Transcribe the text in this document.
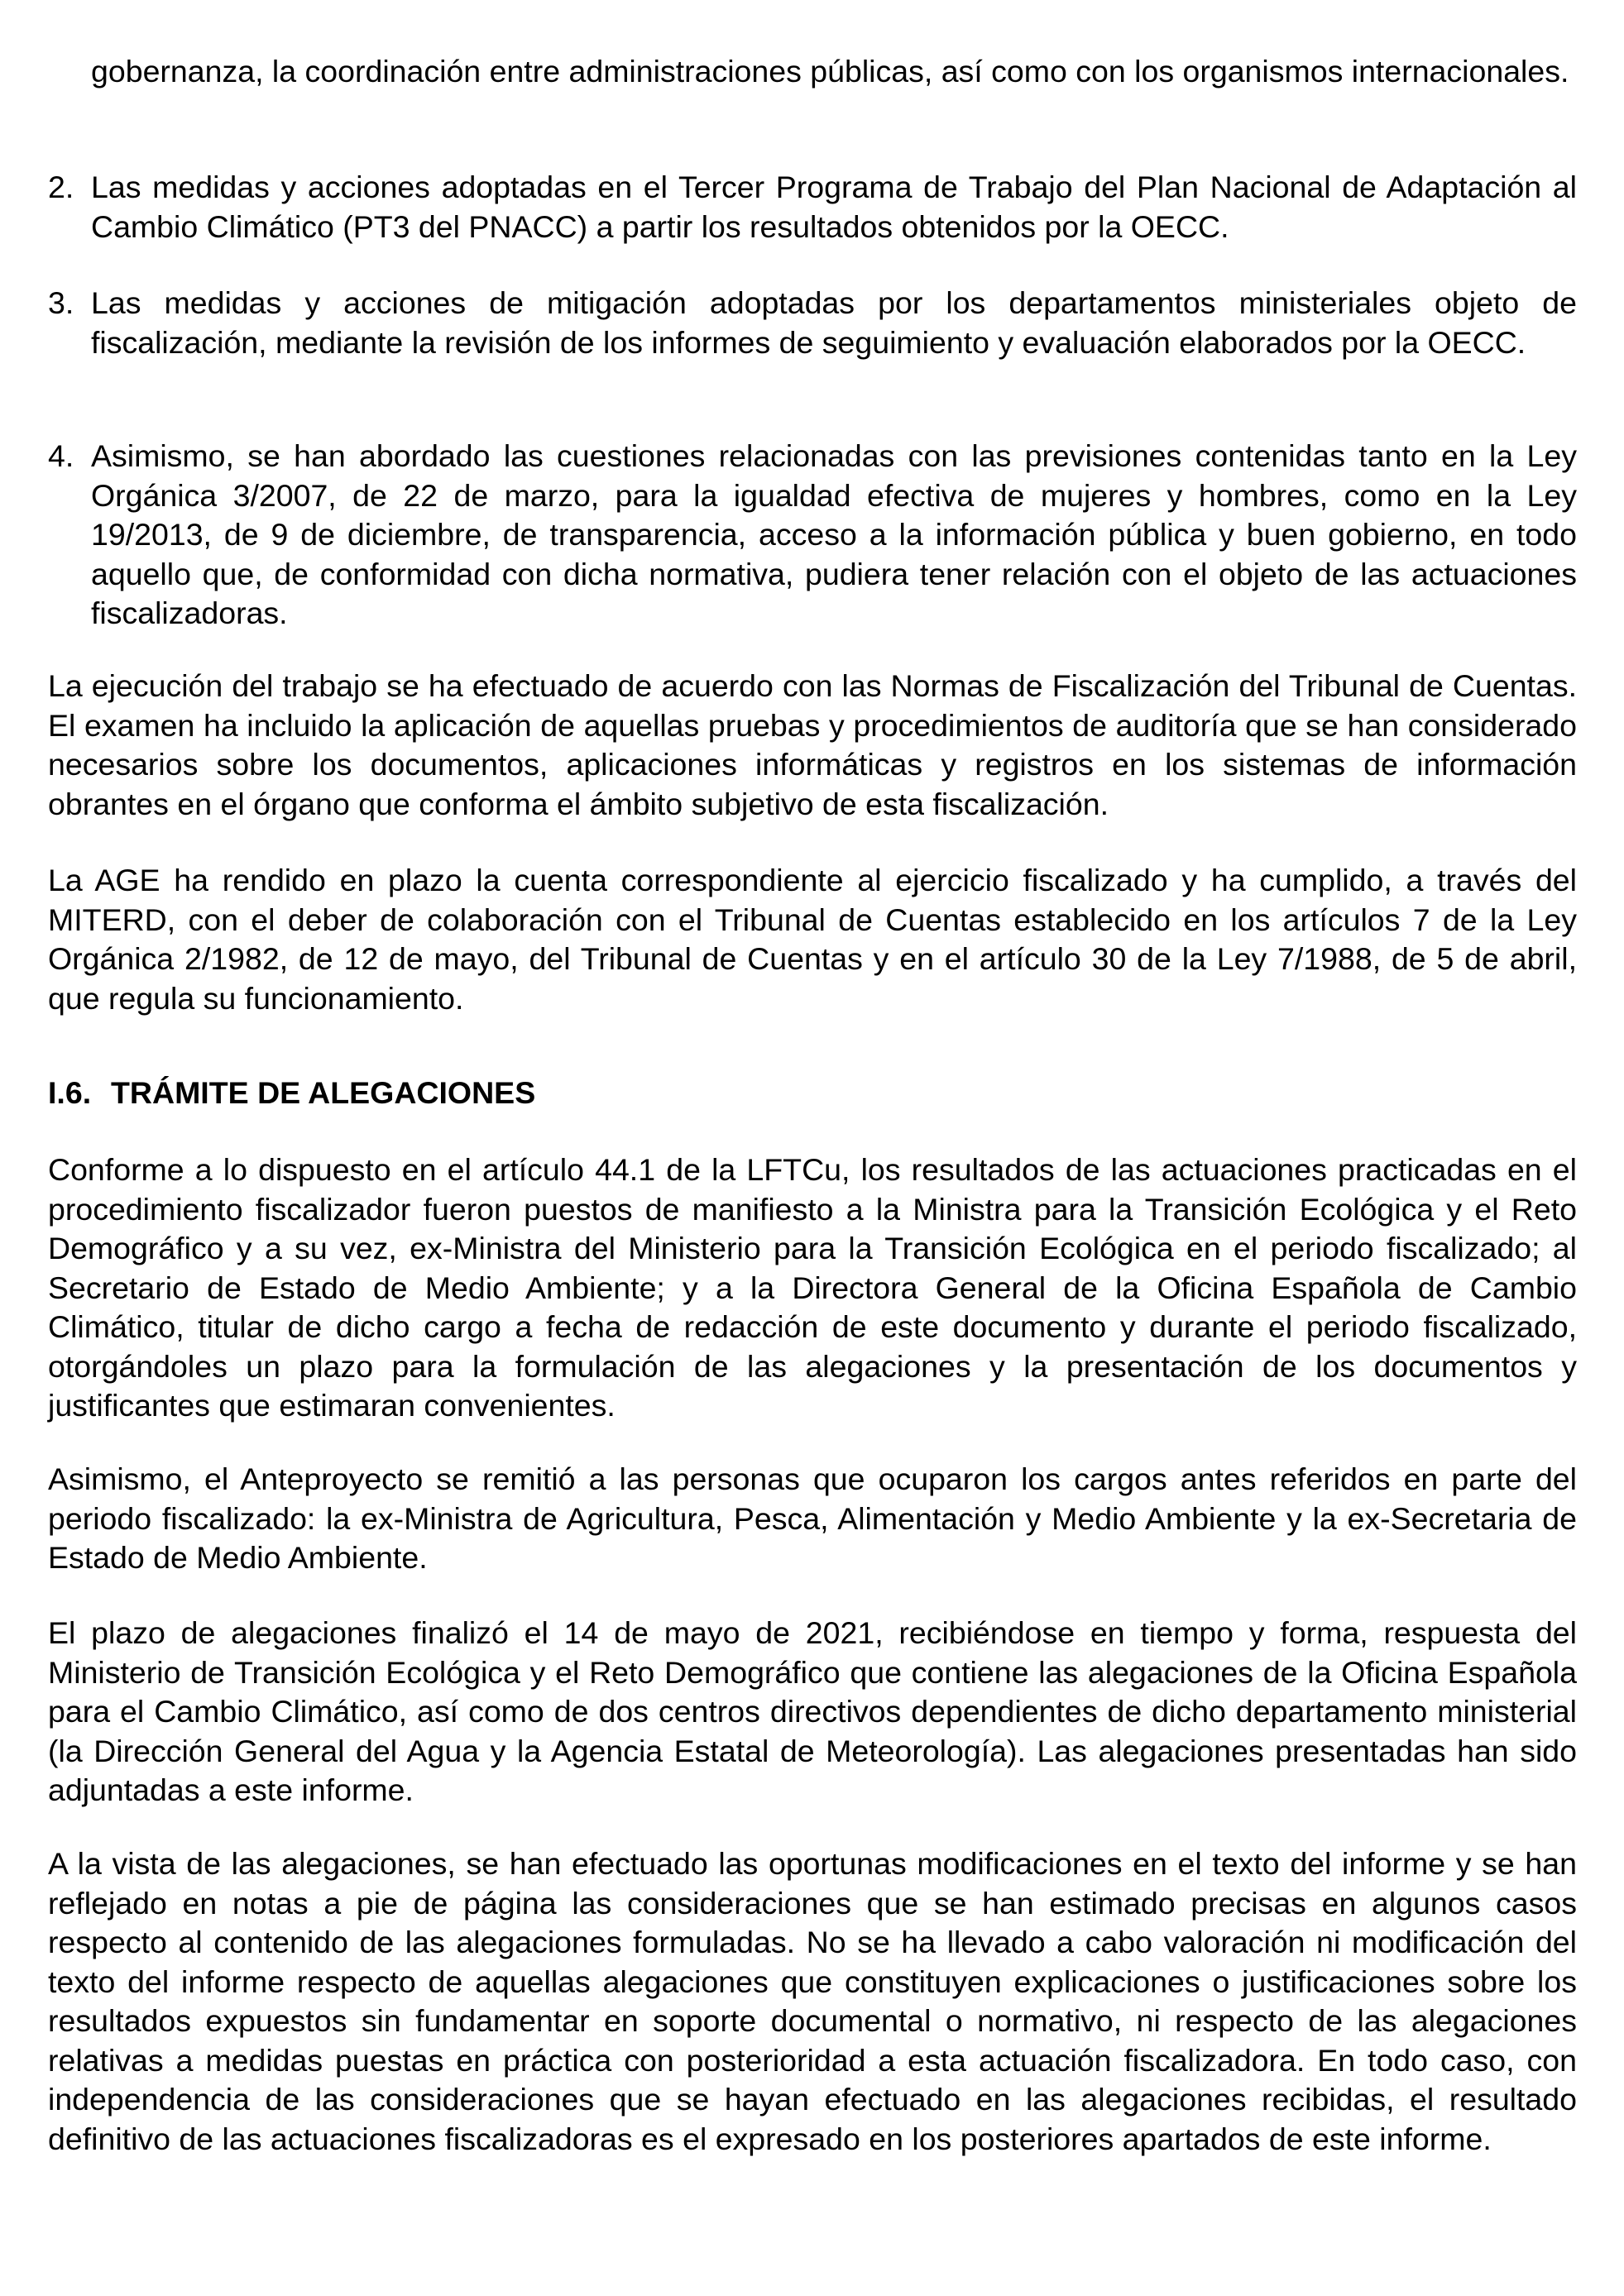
gobernanza, la coordinación entre administraciones públicas, así como con los organismos internacionales.
2. Las medidas y acciones adoptadas en el Tercer Programa de Trabajo del Plan Nacional de Adaptación al Cambio Climático (PT3 del PNACC) a partir los resultados obtenidos por la OECC.
3. Las medidas y acciones de mitigación adoptadas por los departamentos ministeriales objeto de fiscalización, mediante la revisión de los informes de seguimiento y evaluación elaborados por la OECC.
4. Asimismo, se han abordado las cuestiones relacionadas con las previsiones contenidas tanto en la Ley Orgánica 3/2007, de 22 de marzo, para la igualdad efectiva de mujeres y hombres, como en la Ley 19/2013, de 9 de diciembre, de transparencia, acceso a la información pública y buen gobierno, en todo aquello que, de conformidad con dicha normativa, pudiera tener relación con el objeto de las actuaciones fiscalizadoras.
La ejecución del trabajo se ha efectuado de acuerdo con las Normas de Fiscalización del Tribunal de Cuentas. El examen ha incluido la aplicación de aquellas pruebas y procedimientos de auditoría que se han considerado necesarios sobre los documentos, aplicaciones informáticas y registros en los sistemas de información obrantes en el órgano que conforma el ámbito subjetivo de esta fiscalización.
La AGE ha rendido en plazo la cuenta correspondiente al ejercicio fiscalizado y ha cumplido, a través del MITERD, con el deber de colaboración con el Tribunal de Cuentas establecido en los artículos 7 de la Ley Orgánica 2/1982, de 12 de mayo, del Tribunal de Cuentas y en el artículo 30 de la Ley 7/1988, de 5 de abril, que regula su funcionamiento.
I.6. TRÁMITE DE ALEGACIONES
Conforme a lo dispuesto en el artículo 44.1 de la LFTCu, los resultados de las actuaciones practicadas en el procedimiento fiscalizador fueron puestos de manifiesto a la Ministra para la Transición Ecológica y el Reto Demográfico y a su vez, ex-Ministra del Ministerio para la Transición Ecológica en el periodo fiscalizado; al Secretario de Estado de Medio Ambiente; y a la Directora General de la Oficina Española de Cambio Climático, titular de dicho cargo a fecha de redacción de este documento y durante el periodo fiscalizado, otorgándoles un plazo para la formulación de las alegaciones y la presentación de los documentos y justificantes que estimaran convenientes.
Asimismo, el Anteproyecto se remitió a las personas que ocuparon los cargos antes referidos en parte del periodo fiscalizado: la ex-Ministra de Agricultura, Pesca, Alimentación y Medio Ambiente y la ex-Secretaria de Estado de Medio Ambiente.
El plazo de alegaciones finalizó el 14 de mayo de 2021, recibiéndose en tiempo y forma, respuesta del Ministerio de Transición Ecológica y el Reto Demográfico que contiene las alegaciones de la Oficina Española para el Cambio Climático, así como de dos centros directivos dependientes de dicho departamento ministerial (la Dirección General del Agua y la Agencia Estatal de Meteorología). Las alegaciones presentadas han sido adjuntadas a este informe.
A la vista de las alegaciones, se han efectuado las oportunas modificaciones en el texto del informe y se han reflejado en notas a pie de página las consideraciones que se han estimado precisas en algunos casos respecto al contenido de las alegaciones formuladas. No se ha llevado a cabo valoración ni modificación del texto del informe respecto de aquellas alegaciones que constituyen explicaciones o justificaciones sobre los resultados expuestos sin fundamentar en soporte documental o normativo, ni respecto de las alegaciones relativas a medidas puestas en práctica con posterioridad a esta actuación fiscalizadora. En todo caso, con independencia de las consideraciones que se hayan efectuado en las alegaciones recibidas, el resultado definitivo de las actuaciones fiscalizadoras es el expresado en los posteriores apartados de este informe.
